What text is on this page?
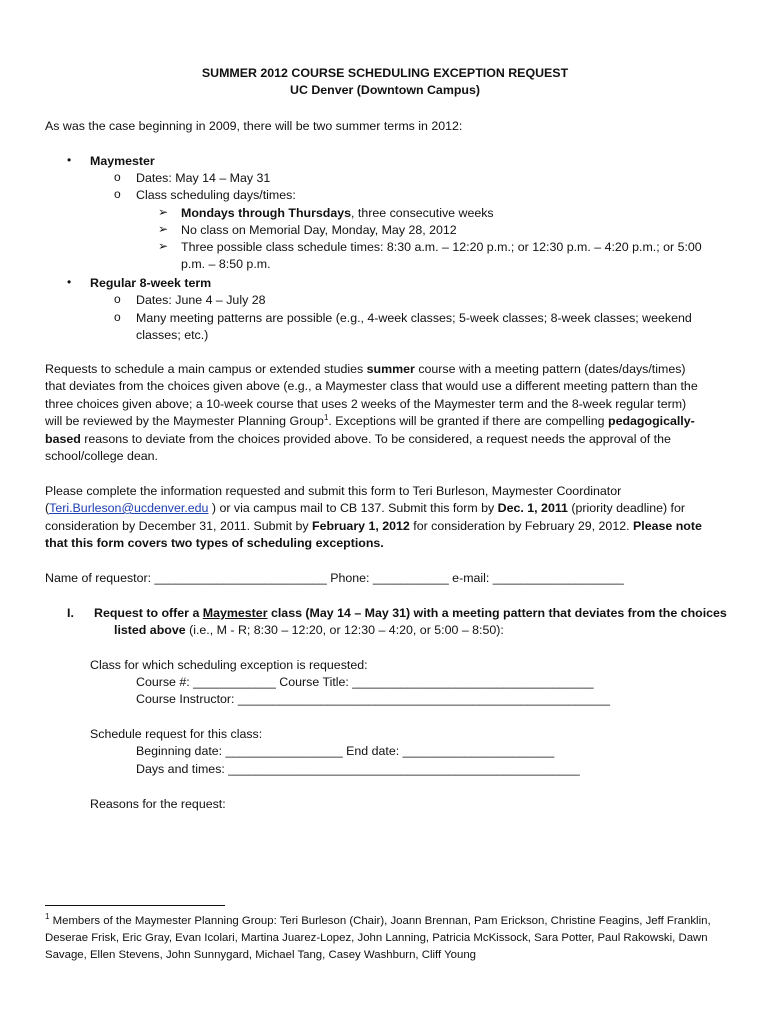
SUMMER 2012 COURSE SCHEDULING EXCEPTION REQUEST
UC Denver (Downtown Campus)
As was the case beginning in 2009, there will be two summer terms in 2012:
• Maymester
o Dates: May 14 – May 31
o Class scheduling days/times:
➢ Mondays through Thursdays, three consecutive weeks
➢ No class on Memorial Day, Monday, May 28, 2012
➢ Three possible class schedule times: 8:30 a.m. – 12:20 p.m.; or 12:30 p.m. – 4:20 p.m.; or 5:00
p.m. – 8:50 p.m.
• Regular 8-week term
o Dates: June 4 – July 28
o Many meeting patterns are possible (e.g., 4-week classes; 5-week classes; 8-week classes; weekend
classes; etc.)
Requests to schedule a main campus or extended studies summer course with a meeting pattern (dates/days/times)
that deviates from the choices given above (e.g., a Maymester class that would use a different meeting pattern than the
three choices given above; a 10-week course that uses 2 weeks of the Maymester term and the 8-week regular term)
will be reviewed by the Maymester Planning Group$^1$. Exceptions will be granted if there are compelling pedagogically-
based reasons to deviate from the choices provided above. To be considered, a request needs the approval of the
school/college dean.
Please complete the information requested and submit this form to Teri Burleson, Maymester Coordinator
(Teri.Burleson@ucdenver.edu ) or via campus mail to CB 137. Submit this form by Dec. 1, 2011 (priority deadline) for
consideration by December 31, 2011. Submit by February 1, 2012 for consideration by February 29, 2012. Please note
that this form covers two types of scheduling exceptions.
Name of requestor: _________________________ Phone: ___________ e-mail: ___________________
I. Request to offer a Maymester class (May 14 – May 31) with a meeting pattern that deviates from the choices
listed above (i.e., M - R; 8:30 – 12:20, or 12:30 – 4:20, or 5:00 – 8:50):
Class for which scheduling exception is requested:
Course #: ____________ Course Title: ___________________________________
Course Instructor: ______________________________________________________
Schedule request for this class:
Beginning date: _________________ End date: ______________________
Days and times: ___________________________________________________
Reasons for the request:
$^1$ Members of the Maymester Planning Group: Teri Burleson (Chair), Joann Brennan, Pam Erickson, Christine Feagins, Jeff Franklin,
Deserae Frisk, Eric Gray, Evan Icolari, Martina Juarez-Lopez, John Lanning, Patricia McKissock, Sara Potter, Paul Rakowski, Dawn
Savage, Ellen Stevens, John Sunnygard, Michael Tang, Casey Washburn, Cliff Young
